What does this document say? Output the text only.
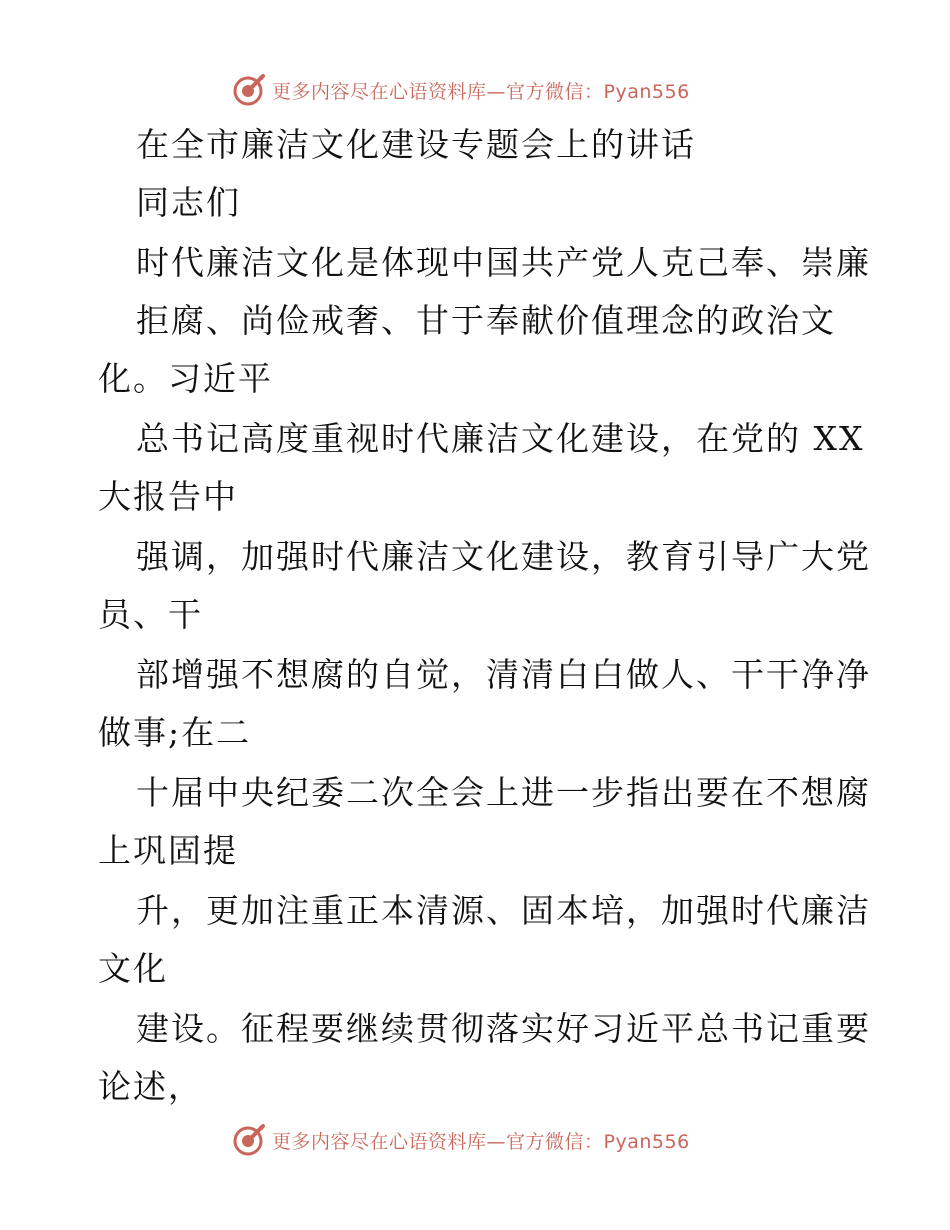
更多内容尽在心语资料库—官方微信：Pyan556
在全市廉洁文化建设专题会上的讲话
同志们
时代廉洁文化是体现中国共产党人克己奉、崇廉
拒腐、尚俭戒奢、甘于奉献价值理念的政治文
化。习近平
总书记高度重视时代廉洁文化建设，在党的 XX
大报告中
强调，加强时代廉洁文化建设，教育引导广大党
员、干
部增强不想腐的自觉，清清白白做人、干干净净
做事;在二
十届中央纪委二次全会上进一步指出要在不想腐
上巩固提
升，更加注重正本清源、固本培，加强时代廉洁
文化
建设。征程要继续贯彻落实好习近平总书记重要
论述，
更多内容尽在心语资料库—官方微信：Pyan556
